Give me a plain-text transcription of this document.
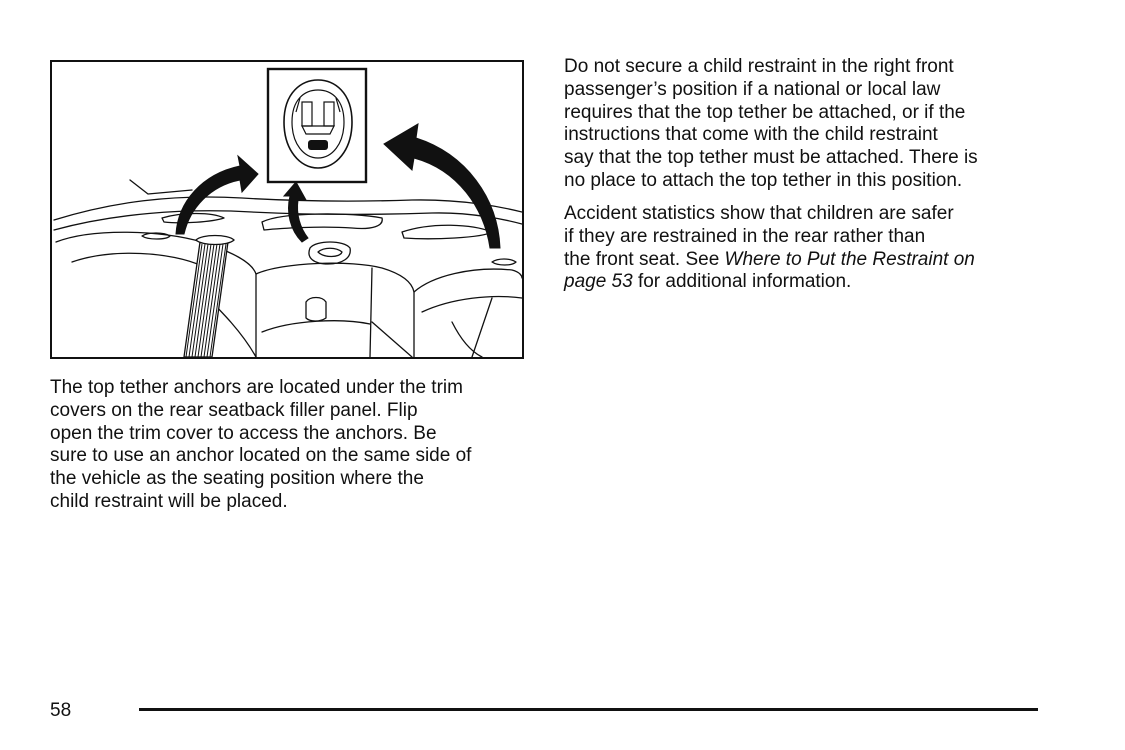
The top tether anchors are located under the trim
covers on the rear seatback filler panel. Flip
open the trim cover to access the anchors. Be
sure to use an anchor located on the same side of
the vehicle as the seating position where the
child restraint will be placed.

Do not secure a child restraint in the right front
passenger’s position if a national or local law
requires that the top tether be attached, or if the
instructions that come with the child restraint
say that the top tether must be attached. There is
no place to attach the top tether in this position.

Accident statistics show that children are safer
if they are restrained in the rear rather than
the front seat. See Where to Put the Restraint on
page 53 for additional information.

58
